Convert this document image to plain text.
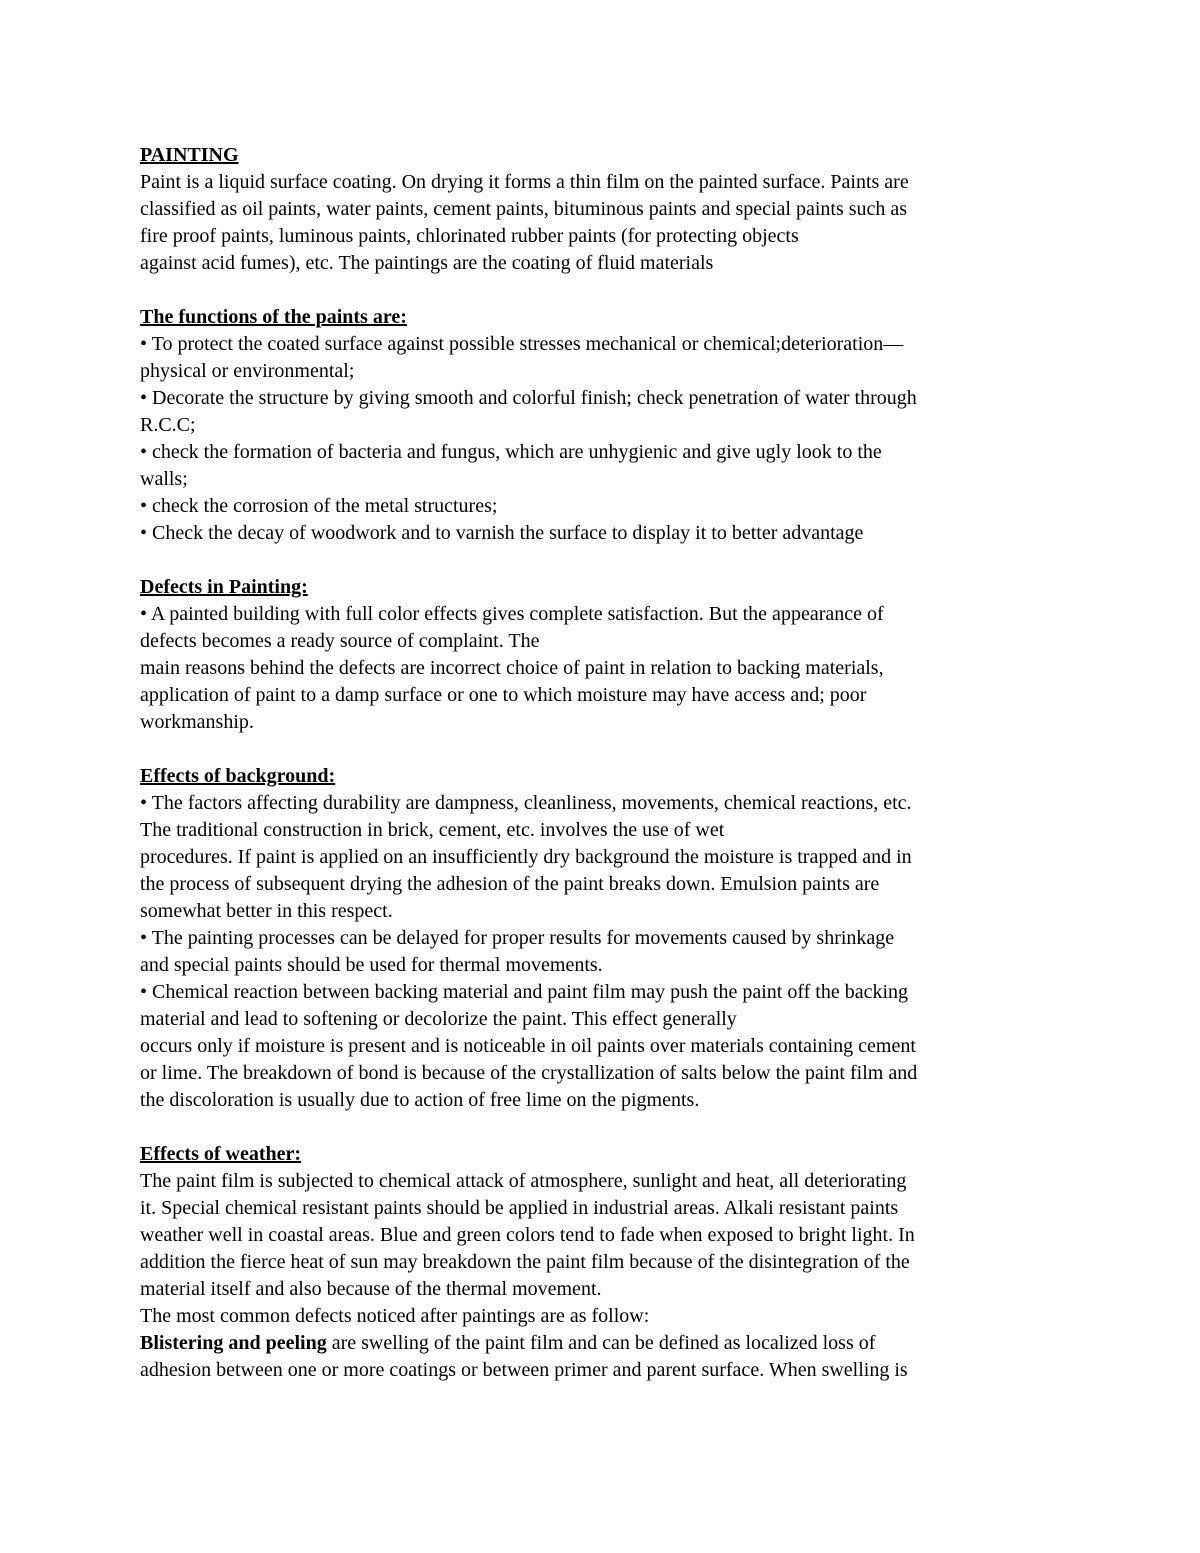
PAINTING
Paint is a liquid surface coating. On drying it forms a thin film on the painted surface. Paints are
classified as oil paints, water paints, cement paints, bituminous paints and special paints such as
fire proof paints, luminous paints, chlorinated rubber paints (for protecting objects
against acid fumes), etc. The paintings are the coating of fluid materials
The functions of the paints are:
• To protect the coated surface against possible stresses mechanical or chemical;deterioration—
physical or environmental;
• Decorate the structure by giving smooth and colorful finish; check penetration of water through
R.C.C;
• check the formation of bacteria and fungus, which are unhygienic and give ugly look to the
walls;
• check the corrosion of the metal structures;
• Check the decay of woodwork and to varnish the surface to display it to better advantage
Defects in Painting:
• A painted building with full color effects gives complete satisfaction. But the appearance of
defects becomes a ready source of complaint. The
main reasons behind the defects are incorrect choice of paint in relation to backing materials,
application of paint to a damp surface or one to which moisture may have access and; poor
workmanship.
Effects of background:
• The factors affecting durability are dampness, cleanliness, movements, chemical reactions, etc.
The traditional construction in brick, cement, etc. involves the use of wet
procedures. If paint is applied on an insufficiently dry background the moisture is trapped and in
the process of subsequent drying the adhesion of the paint breaks down. Emulsion paints are
somewhat better in this respect.
• The painting processes can be delayed for proper results for movements caused by shrinkage
and special paints should be used for thermal movements.
• Chemical reaction between backing material and paint film may push the paint off the backing
material and lead to softening or decolorize the paint. This effect generally
occurs only if moisture is present and is noticeable in oil paints over materials containing cement
or lime. The breakdown of bond is because of the crystallization of salts below the paint film and
the discoloration is usually due to action of free lime on the pigments.
Effects of weather:
The paint film is subjected to chemical attack of atmosphere, sunlight and heat, all deteriorating
it. Special chemical resistant paints should be applied in industrial areas. Alkali resistant paints
weather well in coastal areas. Blue and green colors tend to fade when exposed to bright light. In
addition the fierce heat of sun may breakdown the paint film because of the disintegration of the
material itself and also because of the thermal movement.
The most common defects noticed after paintings are as follow:
Blistering and peeling are swelling of the paint film and can be defined as localized loss of
adhesion between one or more coatings or between primer and parent surface. When swelling is
